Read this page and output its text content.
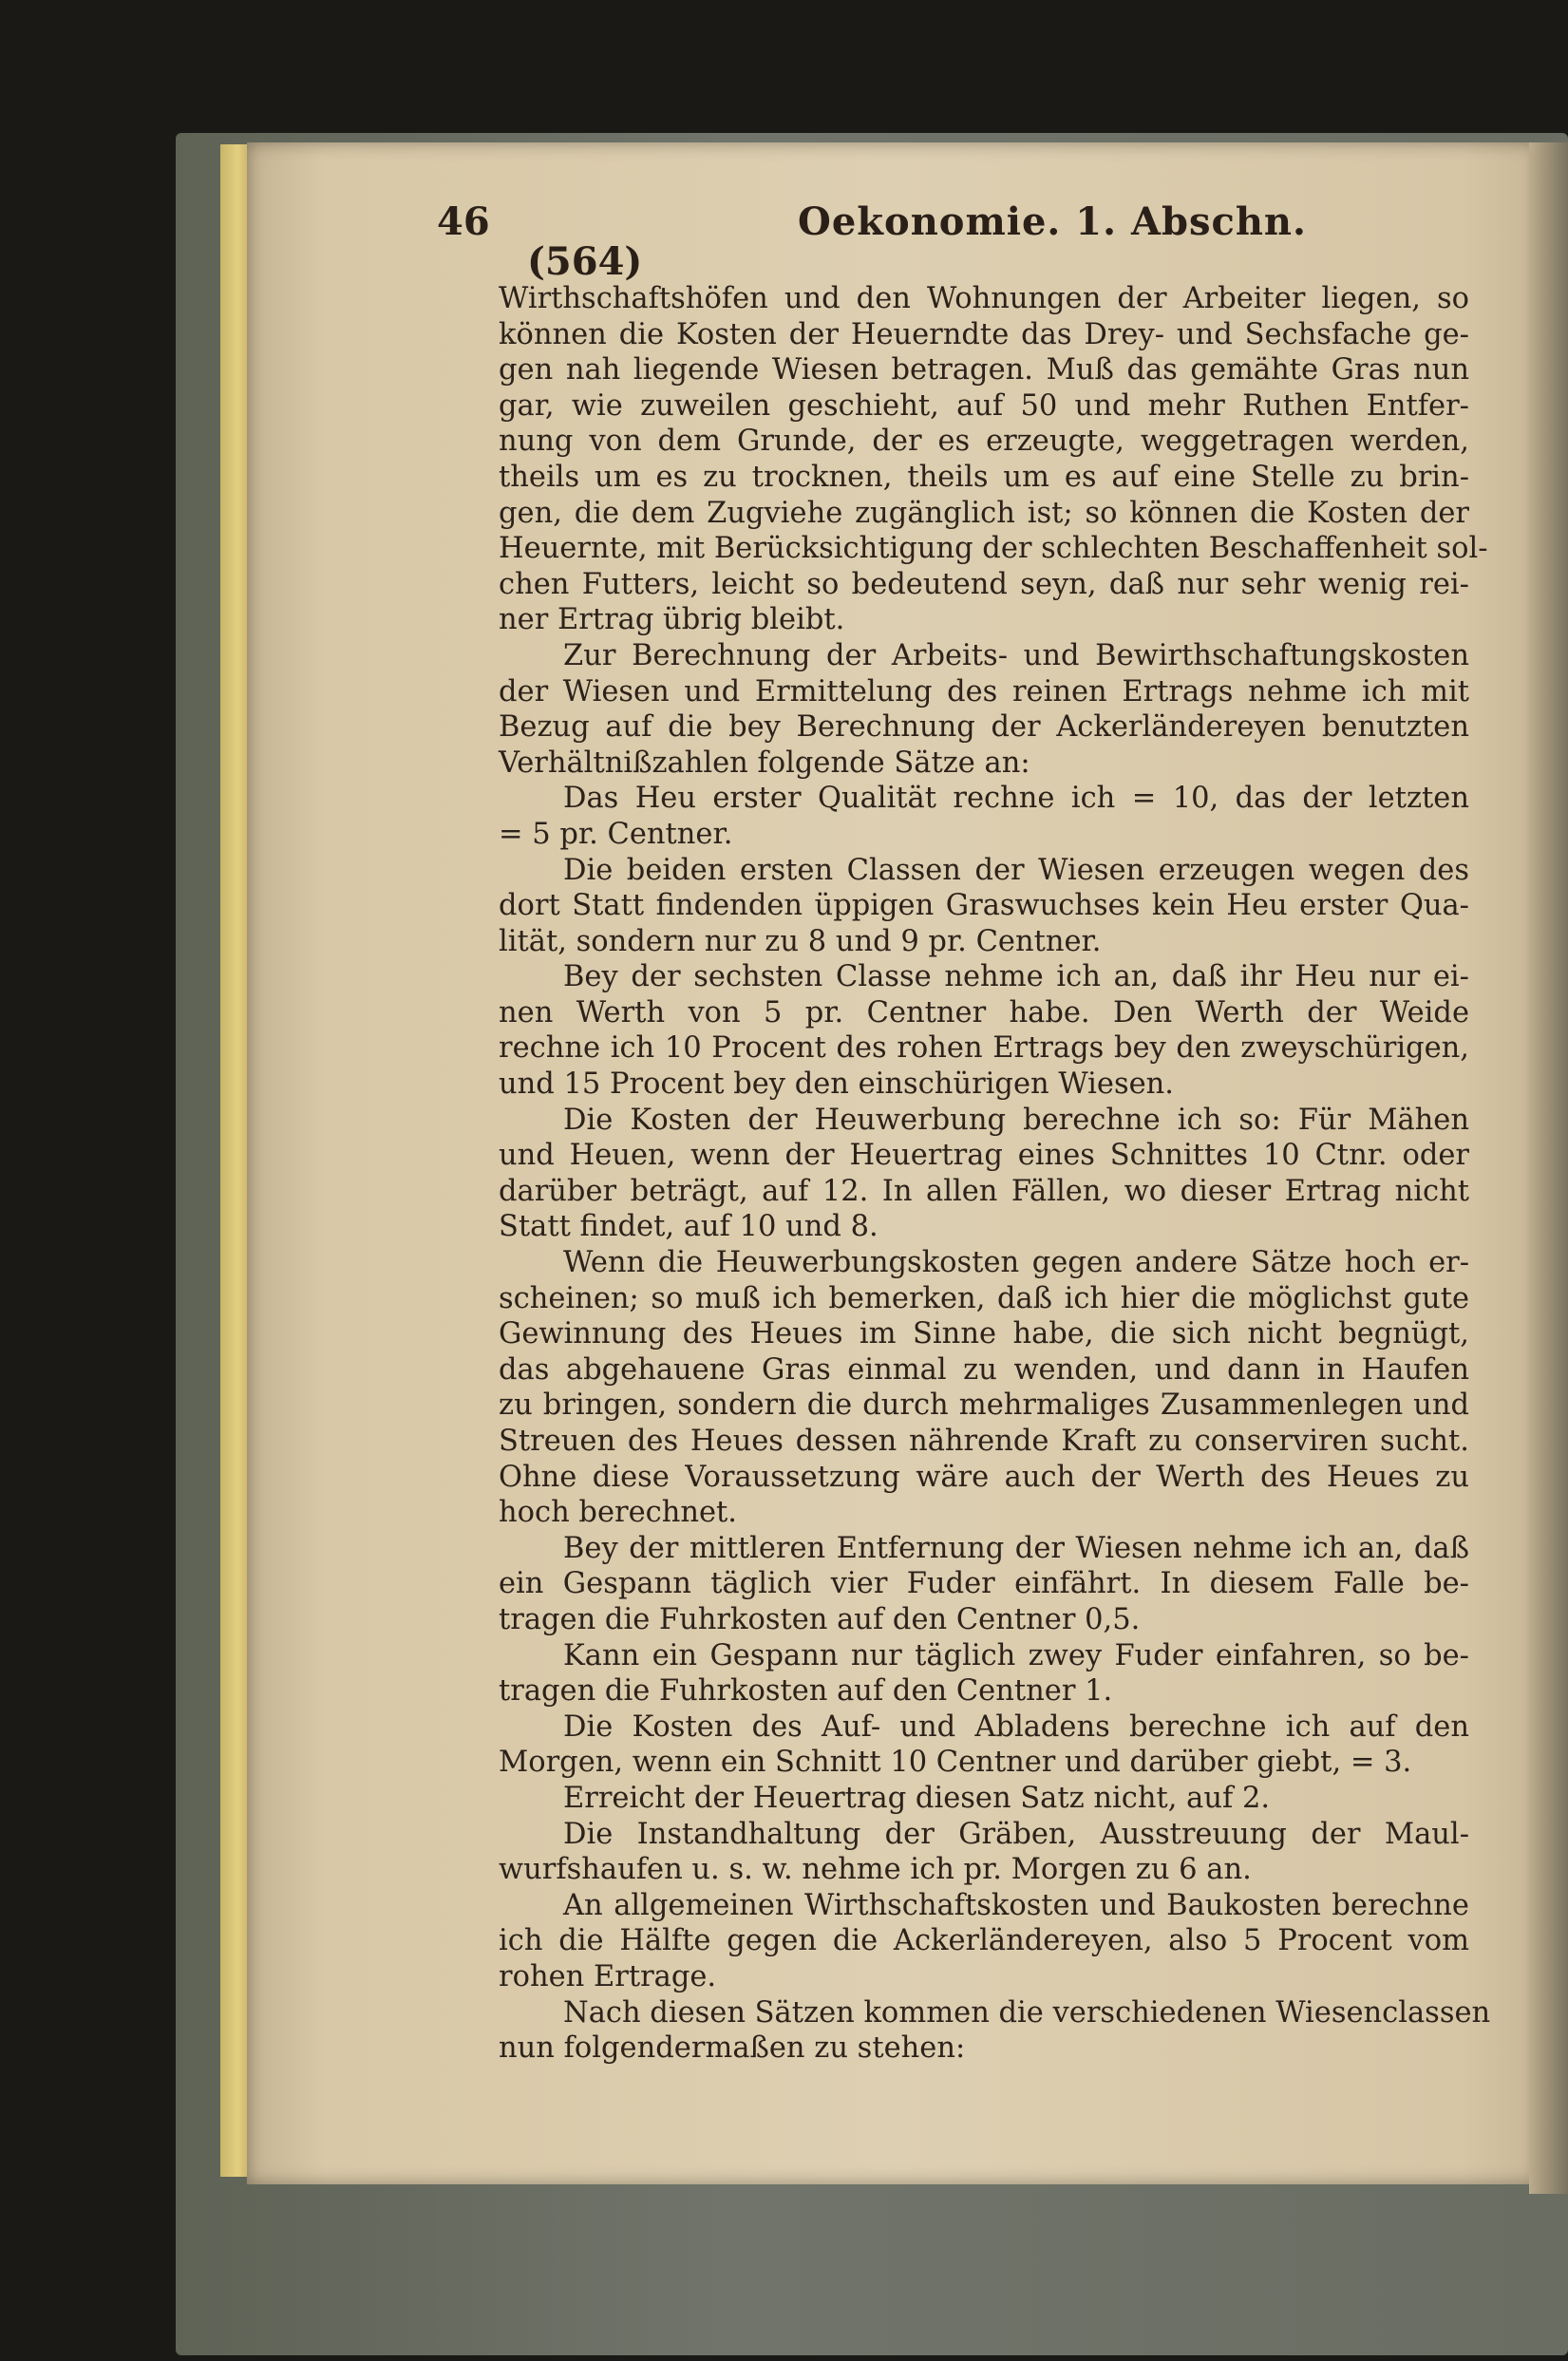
46	Oekonomie. 1. Abschn.
(564)

Wirthschaftshöfen und den Wohnungen der Arbeiter liegen, so
können die Kosten der Heuerndte das Drey- und Sechsfache ge-
gen nah liegende Wiesen betragen. Muß das gemähte Gras nun
gar, wie zuweilen geschieht, auf 50 und mehr Ruthen Entfer-
nung von dem Grunde, der es erzeugte, weggetragen werden,
theils um es zu trocknen, theils um es auf eine Stelle zu brin-
gen, die dem Zugviehe zugänglich ist; so können die Kosten der
Heuernte, mit Berücksichtigung der schlechten Beschaffenheit sol-
chen Futters, leicht so bedeutend seyn, daß nur sehr wenig rei-
ner Ertrag übrig bleibt.

Zur Berechnung der Arbeits- und Bewirthschaftungskosten
der Wiesen und Ermittelung des reinen Ertrags nehme ich mit
Bezug auf die bey Berechnung der Ackerländereyen benutzten
Verhältnißzahlen folgende Sätze an:

Das Heu erster Qualität rechne ich = 10, das der letzten
= 5 pr. Centner.

Die beiden ersten Classen der Wiesen erzeugen wegen des
dort Statt findenden üppigen Graswuchses kein Heu erster Qua-
lität, sondern nur zu 8 und 9 pr. Centner.

Bey der sechsten Classe nehme ich an, daß ihr Heu nur ei-
nen Werth von 5 pr. Centner habe. Den Werth der Weide
rechne ich 10 Procent des rohen Ertrags bey den zweyschürigen,
und 15 Procent bey den einschürigen Wiesen.

Die Kosten der Heuwerbung berechne ich so: Für Mähen
und Heuen, wenn der Heuertrag eines Schnittes 10 Ctnr. oder
darüber beträgt, auf 12. In allen Fällen, wo dieser Ertrag nicht
Statt findet, auf 10 und 8.

Wenn die Heuwerbungskosten gegen andere Sätze hoch er-
scheinen; so muß ich bemerken, daß ich hier die möglichst gute
Gewinnung des Heues im Sinne habe, die sich nicht begnügt,
das abgehauene Gras einmal zu wenden, und dann in Haufen
zu bringen, sondern die durch mehrmaliges Zusammenlegen und
Streuen des Heues dessen nährende Kraft zu conserviren sucht.
Ohne diese Voraussetzung wäre auch der Werth des Heues zu
hoch berechnet.

Bey der mittleren Entfernung der Wiesen nehme ich an, daß
ein Gespann täglich vier Fuder einfährt. In diesem Falle be-
tragen die Fuhrkosten auf den Centner 0,5.

Kann ein Gespann nur täglich zwey Fuder einfahren, so be-
tragen die Fuhrkosten auf den Centner 1.

Die Kosten des Auf- und Abladens berechne ich auf den
Morgen, wenn ein Schnitt 10 Centner und darüber giebt, = 3.

Erreicht der Heuertrag diesen Satz nicht, auf 2.

Die Instandhaltung der Gräben, Ausstreuung der Maul-
wurfshaufen u. s. w. nehme ich pr. Morgen zu 6 an.

An allgemeinen Wirthschaftskosten und Baukosten berechne
ich die Hälfte gegen die Ackerländereyen, also 5 Procent vom
rohen Ertrage.

Nach diesen Sätzen kommen die verschiedenen Wiesenclassen
nun folgendermaßen zu stehen:
